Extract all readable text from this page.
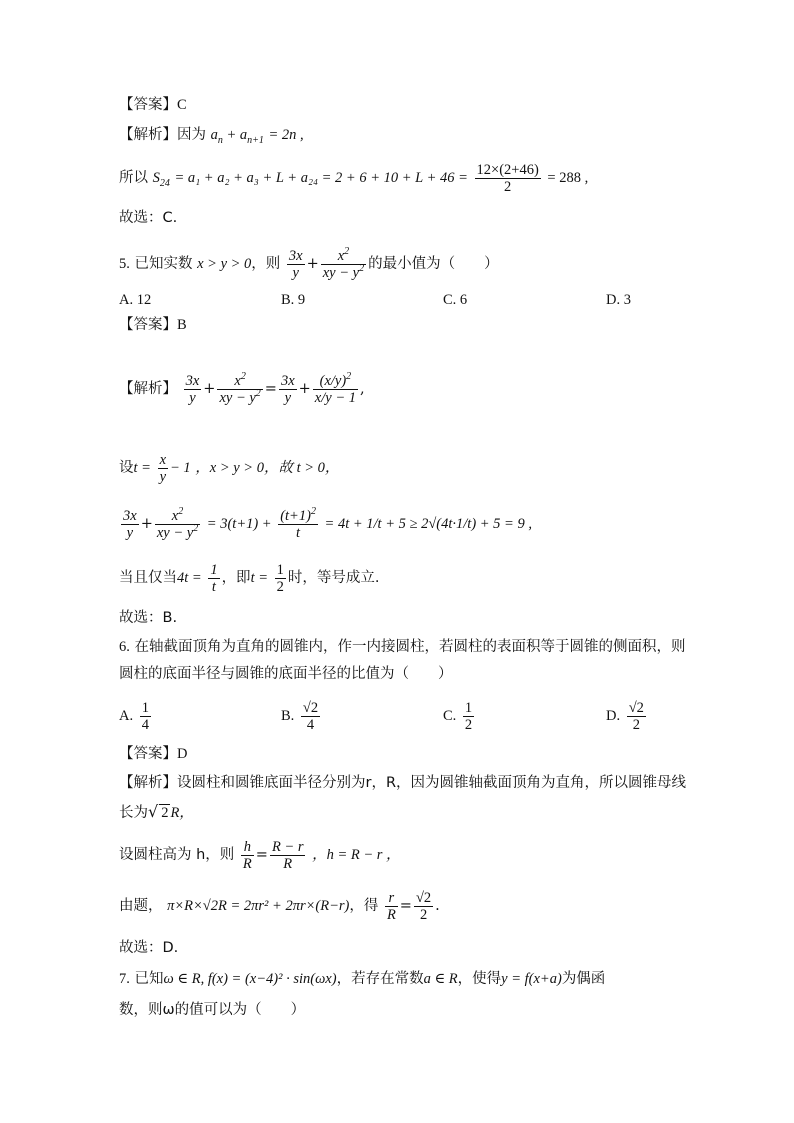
【答案】C
【解析】因为 $a_n + a_{n+1} = 2n$ ,
所以 $S_{24} = a_1 + a_2 + a_3 + L + a_{24} = 2 + 6 + 10 + L + 46 = \frac{12\times(2+46)}{2} = 288$ ,
故选：C.
5. 已知实数 x > y > 0，则 $\frac{3x}{y} + \frac{x^2}{xy - y^2}$ 的最小值为（　　）
A. 12	B. 9	C. 6	D. 3
【答案】B
【解析】 $\frac{3x}{y} + \frac{x^2}{xy - y^2} = \frac{3x}{y} + \frac{(x/y)^2}{x/y - 1}$ ,
设$t = \frac{x}{y} - 1$ ，x > y > 0，故 t > 0，
$\frac{3x}{y} + \frac{x^2}{xy - y^2} = 3(t+1) + \frac{(t+1)^2}{t} = 4t + 1/t + 5 \ge 2√(4t\cdot 1/t) + 5 = 9$ ,
当且仅当$4t = \frac{1}{t}$ ，即$t = \frac{1}{2}$ 时，等号成立.
故选：B.
6. 在轴截面顶角为直角的圆锥内，作一内接圆柱，若圆柱的表面积等于圆锥的侧面积，则
圆柱的底面半径与圆锥的底面半径的比值为（　　）
A. $\frac{1}{4}$	B. $\frac{√2}{4}$	C. $\frac{1}{2}$	D. $\frac{√2}{2}$
【答案】D
【解析】设圆柱和圆锥底面半径分别为r，R，因为圆锥轴截面顶角为直角，所以圆锥母线
长为√ 2 R，
设圆柱高为 h，则 $\frac{h}{R} = \frac{R - r}{R}$ ，h = R − r ，
由题， π×R×√2R = 2πr² + 2πr×(R−r)，得 $\frac{r}{R} = \frac{√2}{2}$ .
故选：D.
7. 已知ω ∈ R, f(x) = (x−4)² · sin(ωx)，若存在常数a ∈ R，使得y = f(x+a)为偶函
数，则ω的值可以为（　　）
